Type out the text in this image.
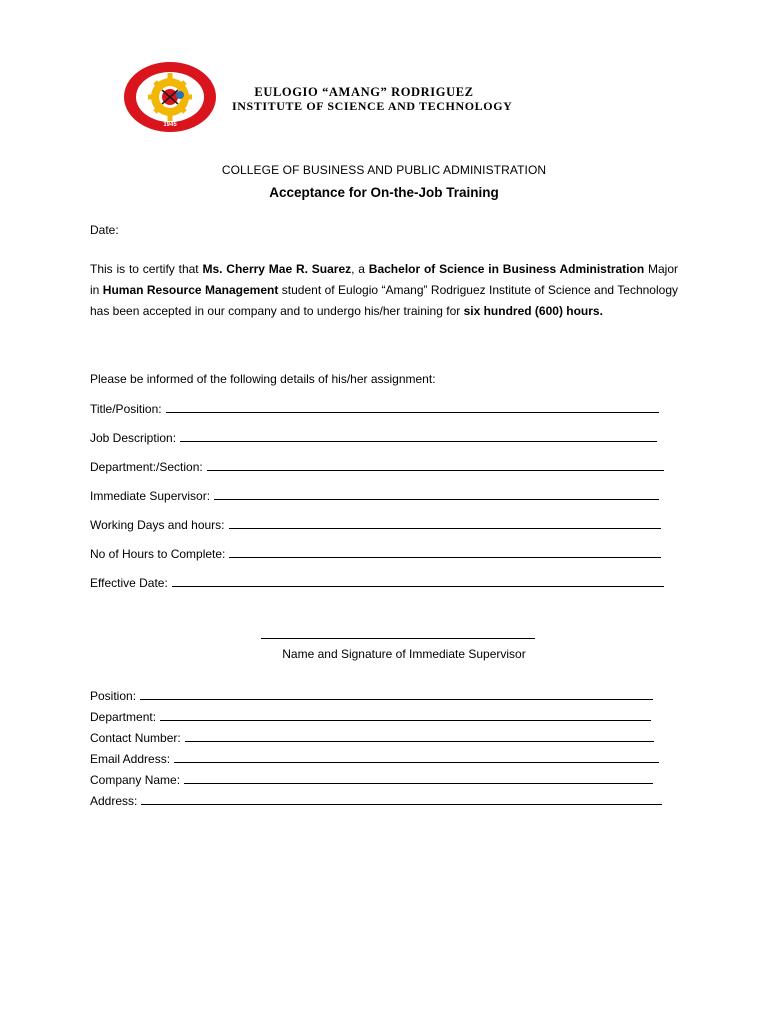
1945
EULOGIO “AMANG” RODRIGUEZ
INSTITUTE OF SCIENCE AND TECHNOLOGY
COLLEGE OF BUSINESS AND PUBLIC ADMINISTRATION
Acceptance for On-the-Job Training
Date:
This is to certify that Ms. Cherry Mae R. Suarez, a Bachelor of Science in Business Administration Major in Human Resource Management student of Eulogio “Amang” Rodriguez Institute of Science and Technology has been accepted in our company and to undergo his/her training for six hundred (600) hours.
Please be informed of the following details of his/her assignment:
Title/Position:
Job Description:
Department:/Section:
Immediate Supervisor:
Working Days and hours:
No of Hours to Complete:
Effective Date:
Name and Signature of Immediate Supervisor
Position:
Department:
Contact Number:
Email Address:
Company Name:
Address:
